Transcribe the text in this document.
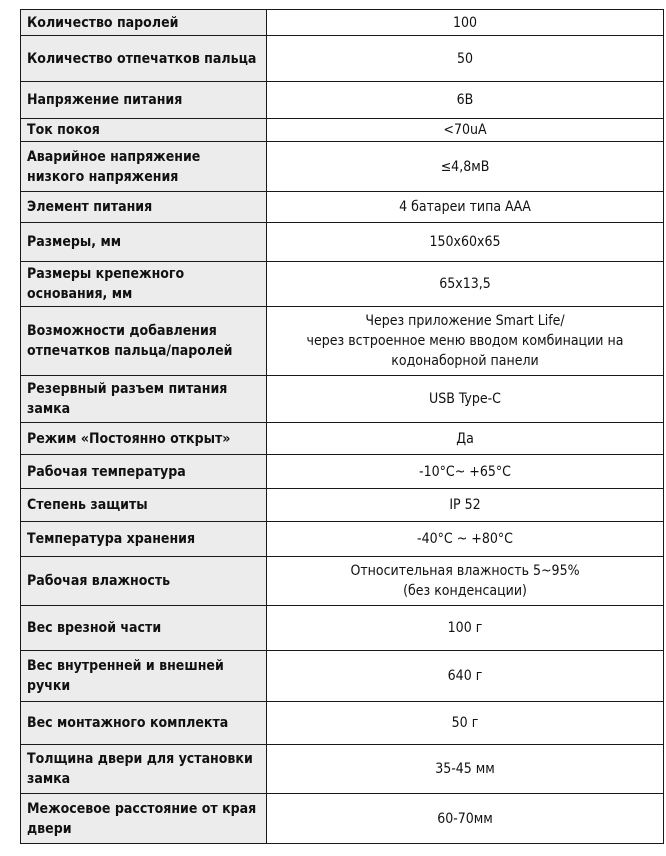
Количество паролей	100
Количество отпечатков пальца	50
Напряжение питания	6В
Ток покоя	<70uA
Аварийное напряжение низкого напряжения	≤4,8мВ
Элемент питания	4 батареи типа ААА
Размеры, мм	150x60x65
Размеры крепежного основания, мм	65x13,5
Возможности добавления отпечатков пальца/паролей	Через приложение Smart Life/
через встроенное меню вводом комбинации на кодонаборной панели
Резервный разъем питания замка	USB Type-C
Режим «Постоянно открыт»	Да
Рабочая температура	-10°C~ +65°C
Степень защиты	IP 52
Температура хранения	-40°C ~ +80°C
Рабочая влажность	Относительная влажность 5~95%
(без конденсации)
Вес врезной части	100 г
Вес внутренней и внешней ручки	640 г
Вес монтажного комплекта	50 г
Толщина двери для установки замка	35-45 мм
Межосевое расстояние от края двери	60-70мм
